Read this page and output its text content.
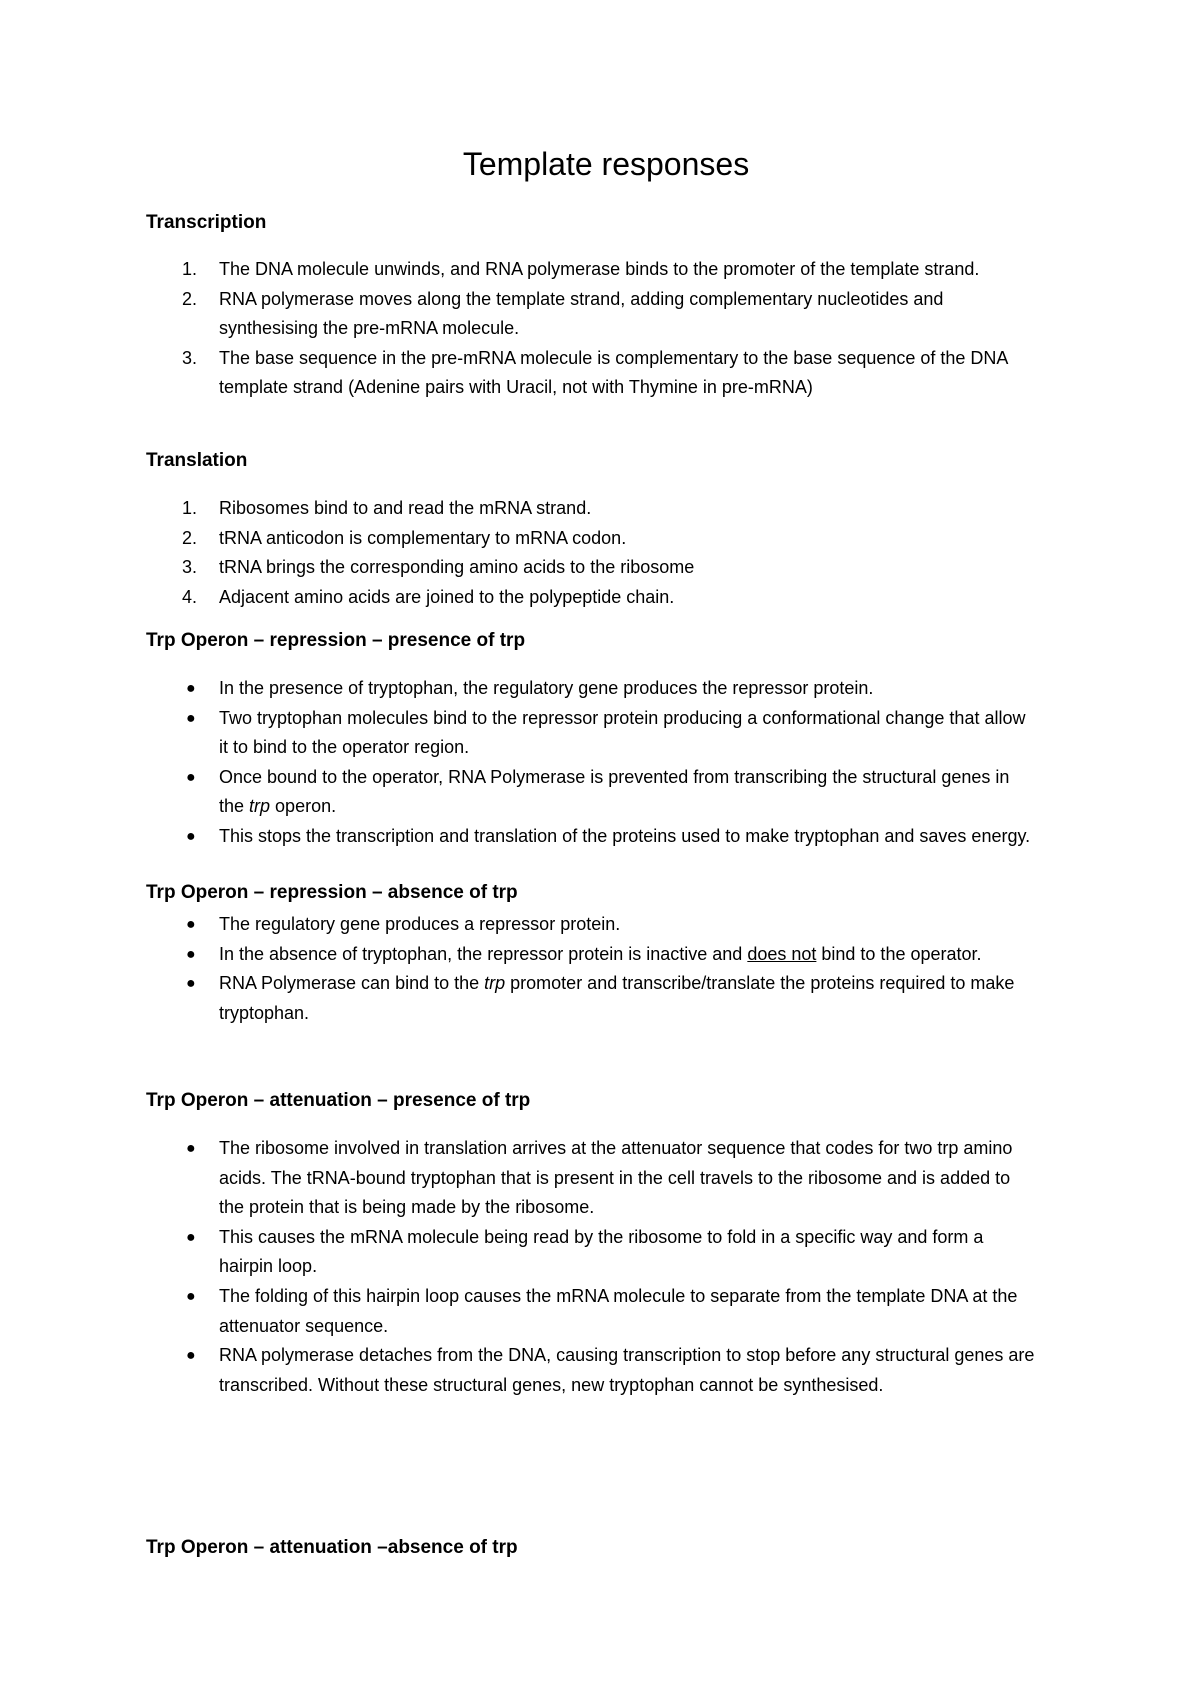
Template responses
Transcription
1. The DNA molecule unwinds, and RNA polymerase binds to the promoter of the template strand.
2. RNA polymerase moves along the template strand, adding complementary nucleotides and synthesising the pre-mRNA molecule.
3. The base sequence in the pre-mRNA molecule is complementary to the base sequence of the DNA template strand (Adenine pairs with Uracil, not with Thymine in pre-mRNA)
Translation
1. Ribosomes bind to and read the mRNA strand.
2. tRNA anticodon is complementary to mRNA codon.
3. tRNA brings the corresponding amino acids to the ribosome
4. Adjacent amino acids are joined to the polypeptide chain.
Trp Operon – repression – presence of trp
● In the presence of tryptophan, the regulatory gene produces the repressor protein.
● Two tryptophan molecules bind to the repressor protein producing a conformational change that allow it to bind to the operator region.
● Once bound to the operator, RNA Polymerase is prevented from transcribing the structural genes in the trp operon.
● This stops the transcription and translation of the proteins used to make tryptophan and saves energy.
Trp Operon – repression – absence of trp
● The regulatory gene produces a repressor protein.
● In the absence of tryptophan, the repressor protein is inactive and does not bind to the operator.
● RNA Polymerase can bind to the trp promoter and transcribe/translate the proteins required to make tryptophan.
Trp Operon – attenuation – presence of trp
● The ribosome involved in translation arrives at the attenuator sequence that codes for two trp amino acids. The tRNA-bound tryptophan that is present in the cell travels to the ribosome and is added to the protein that is being made by the ribosome.
● This causes the mRNA molecule being read by the ribosome to fold in a specific way and form a hairpin loop.
● The folding of this hairpin loop causes the mRNA molecule to separate from the template DNA at the attenuator sequence.
● RNA polymerase detaches from the DNA, causing transcription to stop before any structural genes are transcribed. Without these structural genes, new tryptophan cannot be synthesised.
Trp Operon – attenuation –absence of trp
